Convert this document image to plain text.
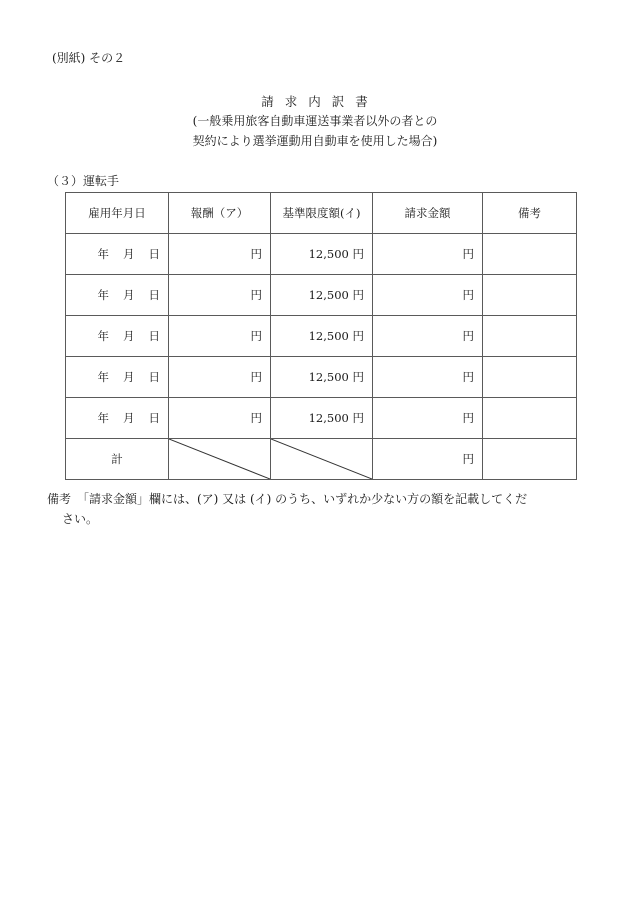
(別紙) その２
請求内訳書
(一般乗用旅客自動車運送事業者以外の者との
契約により選挙運動用自動車を使用した場合)
（３）運転手
雇用年月日	報酬（ア）	基準限度額(イ)	請求金額	備考
年 月 日	円	12,500 円	円	
年 月 日	円	12,500 円	円	
年 月 日	円	12,500 円	円	
年 月 日	円	12,500 円	円	
年 月 日	円	12,500 円	円	
計			円	
備考　「請求金額」欄には、(ア) 又は (イ) のうち、いずれか少ない方の額を記載してくだ
さい。
